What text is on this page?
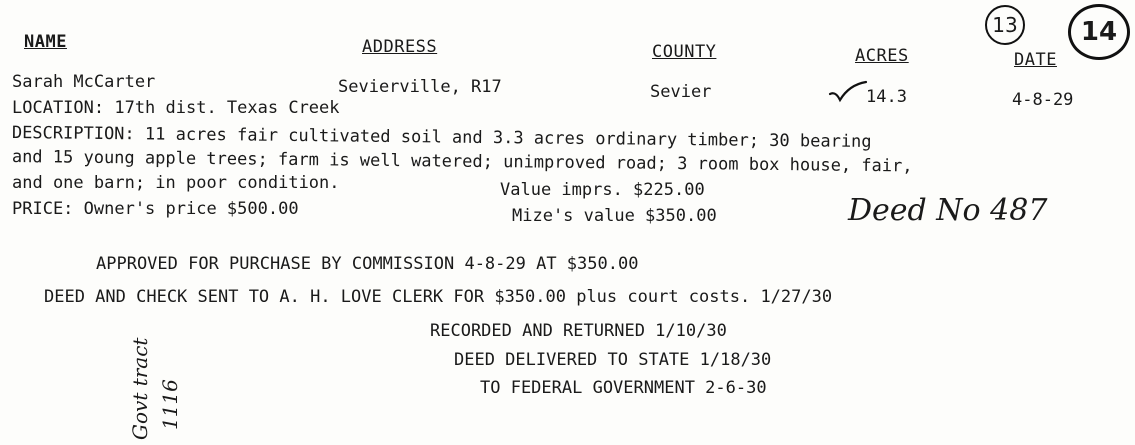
13 14
NAME	ADDRESS	COUNTY	ACRES	DATE
Sarah McCarter	Sevierville, R17	Sevier	14.3	4-8-29
LOCATION: 17th dist. Texas Creek
DESCRIPTION: 11 acres fair cultivated soil and 3.3 acres ordinary timber; 30 bearing
and 15 young apple trees; farm is well watered; unimproved road; 3 room box house, fair,
and one barn; in poor condition.	Value imprs. $225.00
PRICE: Owner's price $500.00	Mize's value $350.00	Deed No 487
APPROVED FOR PURCHASE BY COMMISSION 4-8-29 AT $350.00
DEED AND CHECK SENT TO A. H. LOVE CLERK FOR $350.00 plus court costs. 1/27/30
RECORDED AND RETURNED 1/10/30
DEED DELIVERED TO STATE 1/18/30
TO FEDERAL GOVERNMENT 2-6-30
Govt tract 1116
